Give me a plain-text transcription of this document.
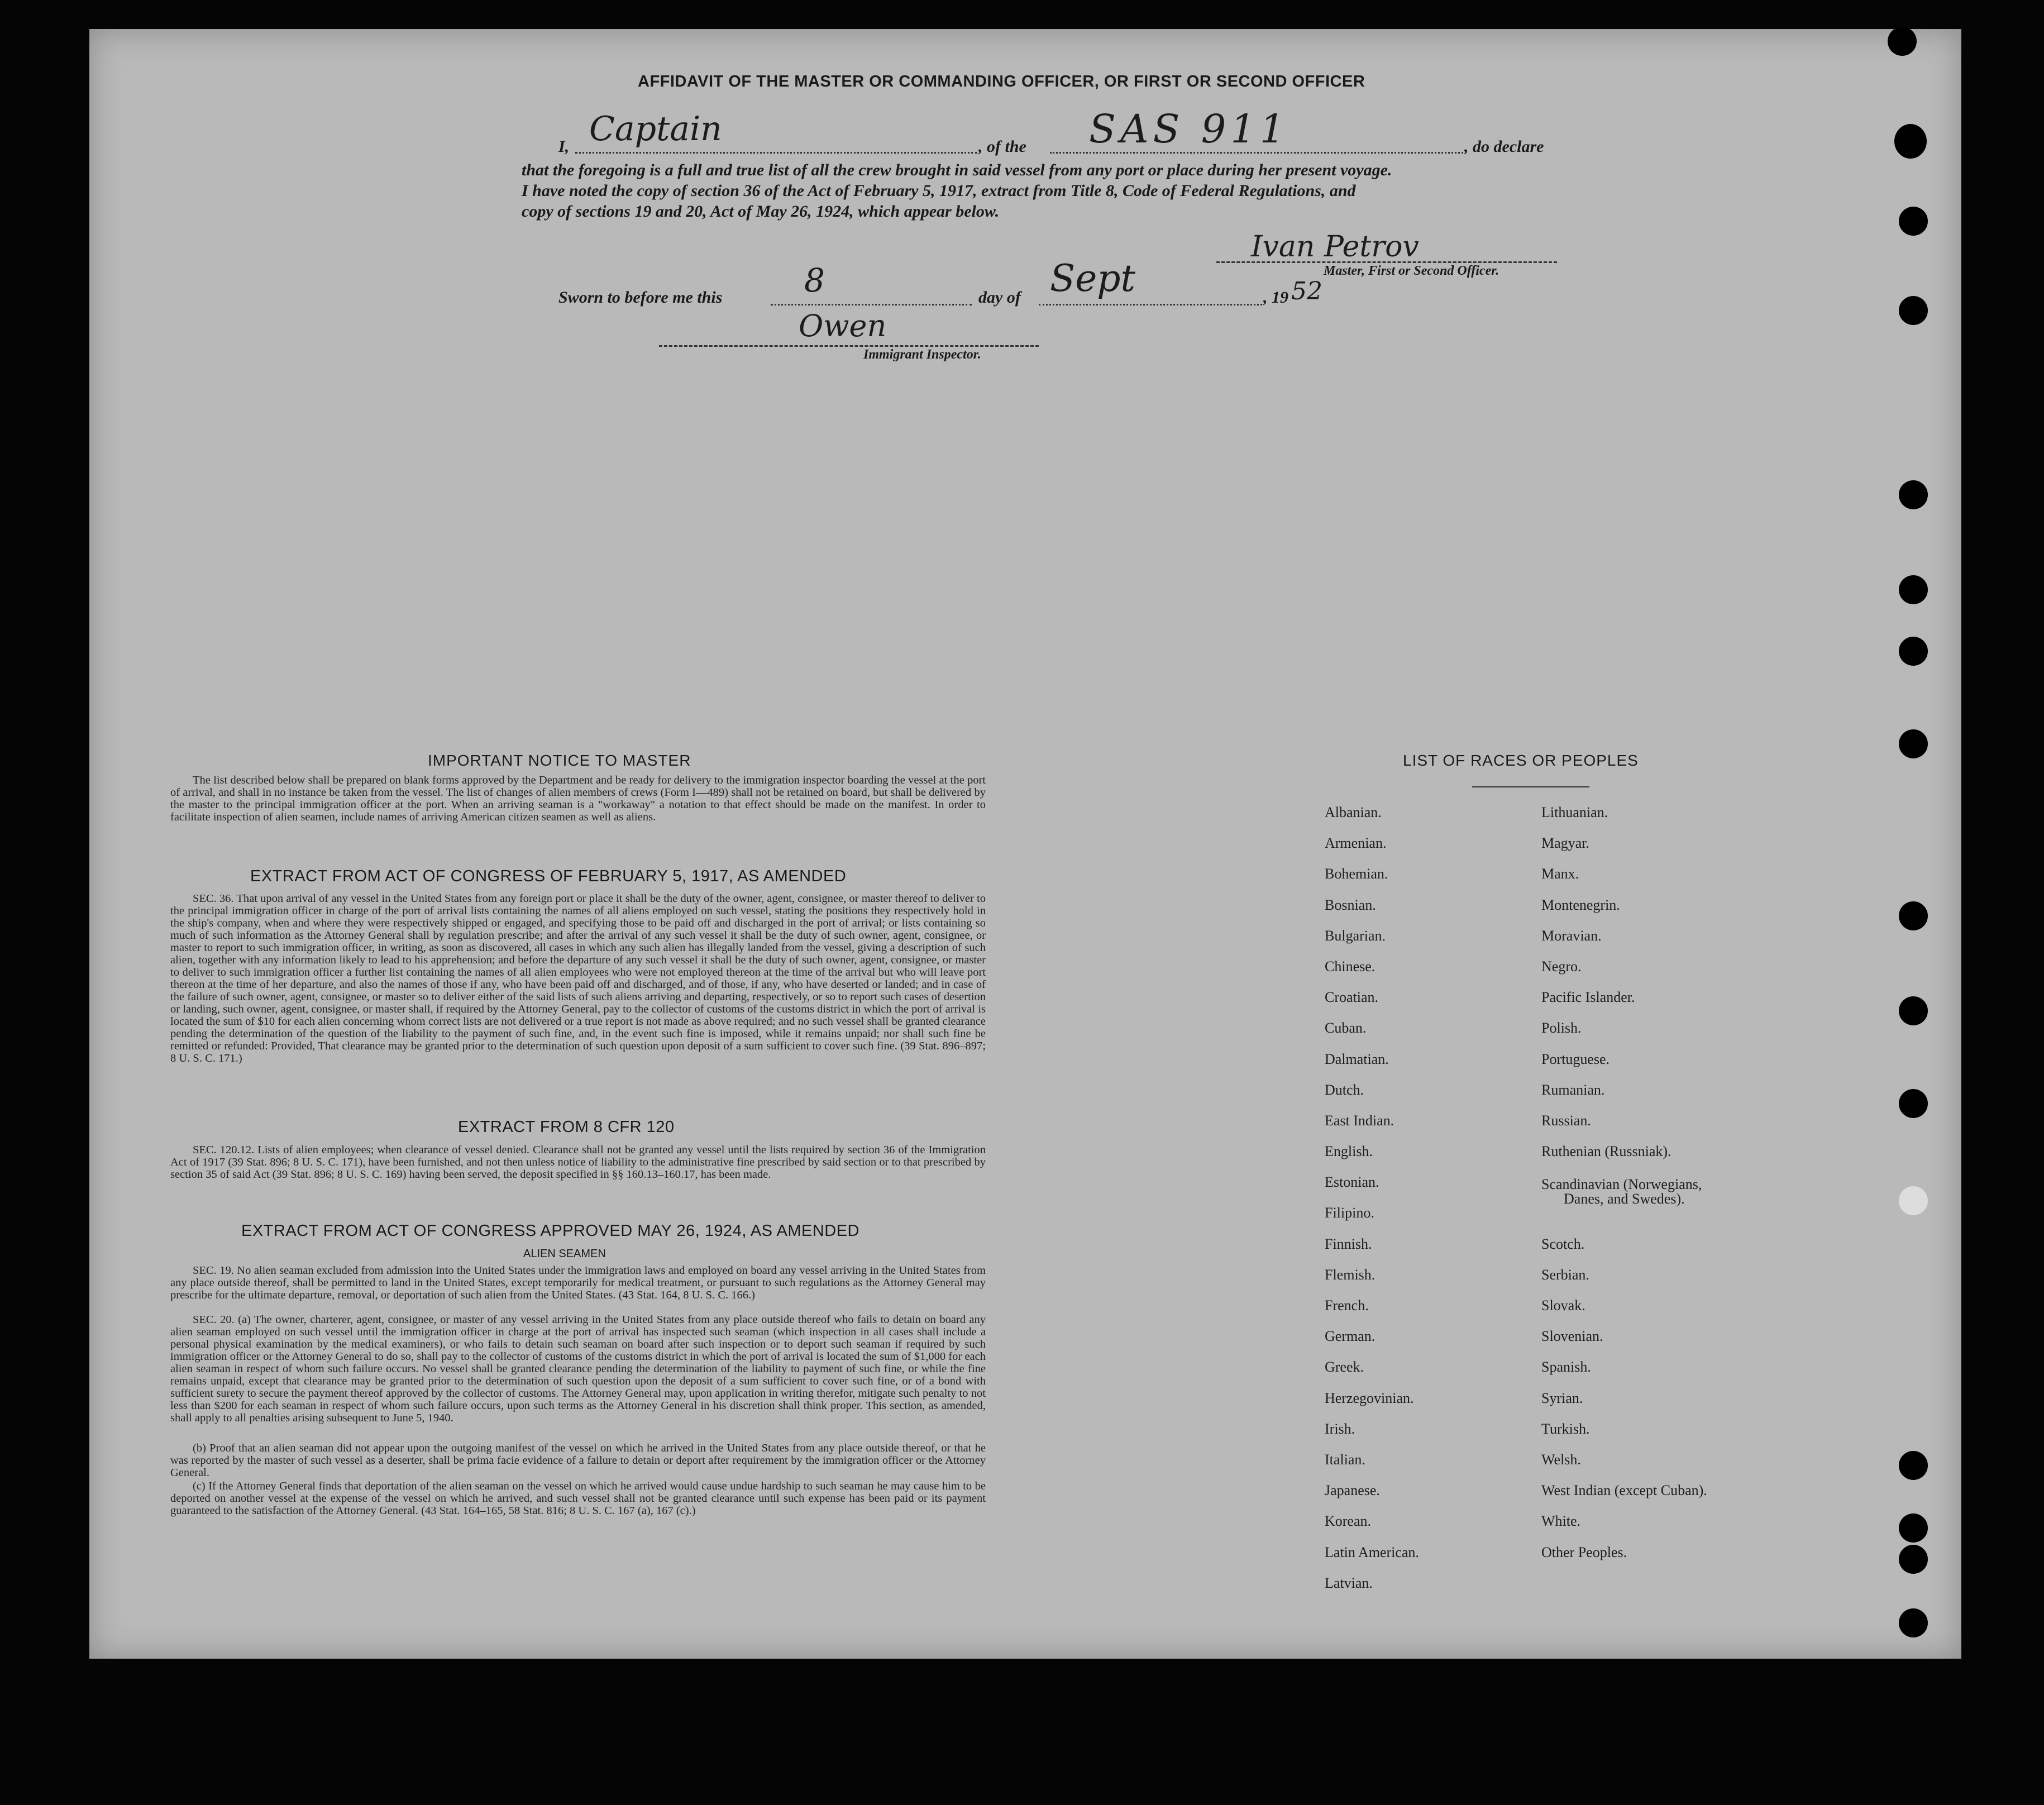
AFFIDAVIT OF THE MASTER OR COMMANDING OFFICER, OR FIRST OR SECOND OFFICER
I, Captain	, of the SAS 911	, do declare
that the foregoing is a full and true list of all the crew brought in said vessel from any port or place during her present voyage.
I have noted the copy of section 36 of the Act of February 5, 1917, extract from Title 8, Code of Federal Regulations, and
copy of sections 19 and 20, Act of May 26, 1924, which appear below.
Ivan Petrov
Master, First or Second Officer.
Sworn to before me this	8	day of Sept	, 19 52
Owen
Immigrant Inspector.
IMPORTANT NOTICE TO MASTER
The list described below shall be prepared on blank forms approved by the Department and be ready for delivery to the immigration inspector boarding the vessel at the port of arrival, and shall in no instance be taken from the vessel. The list of changes of alien members of crews (Form I—489) shall not be retained on board, but shall be delivered by the master to the principal immigration officer at the port. When an arriving seaman is a "workaway" a notation to that effect should be made on the manifest. In order to facilitate inspection of alien seamen, include names of arriving American citizen seamen as well as aliens.
EXTRACT FROM ACT OF CONGRESS OF FEBRUARY 5, 1917, AS AMENDED
SEC. 36. That upon arrival of any vessel in the United States from any foreign port or place it shall be the duty of the owner, agent, consignee, or master thereof to deliver to the principal immigration officer in charge of the port of arrival lists containing the names of all aliens employed on such vessel, stating the positions they respectively hold in the ship's company, when and where they were respectively shipped or engaged, and specifying those to be paid off and discharged in the port of arrival; or lists containing so much of such information as the Attorney General shall by regulation prescribe; and after the arrival of any such vessel it shall be the duty of such owner, agent, consignee, or master to report to such immigration officer, in writing, as soon as discovered, all cases in which any such alien has illegally landed from the vessel, giving a description of such alien, together with any information likely to lead to his apprehension; and before the departure of any such vessel it shall be the duty of such owner, agent, consignee, or master to deliver to such immigration officer a further list containing the names of all alien employees who were not employed thereon at the time of the arrival but who will leave port thereon at the time of her departure, and also the names of those if any, who have been paid off and discharged, and of those, if any, who have deserted or landed; and in case of the failure of such owner, agent, consignee, or master so to deliver either of the said lists of such aliens arriving and departing, respectively, or so to report such cases of desertion or landing, such owner, agent, consignee, or master shall, if required by the Attorney General, pay to the collector of customs of the customs district in which the port of arrival is located the sum of $10 for each alien concerning whom correct lists are not delivered or a true report is not made as above required; and no such vessel shall be granted clearance pending the determination of the question of the liability to the payment of such fine, and, in the event such fine is imposed, while it remains unpaid; nor shall such fine be remitted or refunded: Provided, That clearance may be granted prior to the determination of such question upon deposit of a sum sufficient to cover such fine. (39 Stat. 896–897; 8 U. S. C. 171.)
EXTRACT FROM 8 CFR 120
SEC. 120.12. Lists of alien employees; when clearance of vessel denied. Clearance shall not be granted any vessel until the lists required by section 36 of the Immigration Act of 1917 (39 Stat. 896; 8 U. S. C. 171), have been furnished, and not then unless notice of liability to the administrative fine prescribed by said section or to that prescribed by section 35 of said Act (39 Stat. 896; 8 U. S. C. 169) having been served, the deposit specified in §§ 160.13–160.17, has been made.
EXTRACT FROM ACT OF CONGRESS APPROVED MAY 26, 1924, AS AMENDED
ALIEN SEAMEN
SEC. 19. No alien seaman excluded from admission into the United States under the immigration laws and employed on board any vessel arriving in the United States from any place outside thereof, shall be permitted to land in the United States, except temporarily for medical treatment, or pursuant to such regulations as the Attorney General may prescribe for the ultimate departure, removal, or deportation of such alien from the United States. (43 Stat. 164, 8 U. S. C. 166.)
SEC. 20. (a) The owner, charterer, agent, consignee, or master of any vessel arriving in the United States from any place outside thereof who fails to detain on board any alien seaman employed on such vessel until the immigration officer in charge at the port of arrival has inspected such seaman (which inspection in all cases shall include a personal physical examination by the medical examiners), or who fails to detain such seaman on board after such inspection or to deport such seaman if required by such immigration officer or the Attorney General to do so, shall pay to the collector of customs of the customs district in which the port of arrival is located the sum of $1,000 for each alien seaman in respect of whom such failure occurs. No vessel shall be granted clearance pending the determination of the liability to payment of such fine, or while the fine remains unpaid, except that clearance may be granted prior to the determination of such question upon the deposit of a sum sufficient to cover such fine, or of a bond with sufficient surety to secure the payment thereof approved by the collector of customs. The Attorney General may, upon application in writing therefor, mitigate such penalty to not less than $200 for each seaman in respect of whom such failure occurs, upon such terms as the Attorney General in his discretion shall think proper. This section, as amended, shall apply to all penalties arising subsequent to June 5, 1940.
(b) Proof that an alien seaman did not appear upon the outgoing manifest of the vessel on which he arrived in the United States from any place outside thereof, or that he was reported by the master of such vessel as a deserter, shall be prima facie evidence of a failure to detain or deport after requirement by the immigration officer or the Attorney General.
(c) If the Attorney General finds that deportation of the alien seaman on the vessel on which he arrived would cause undue hardship to such seaman he may cause him to be deported on another vessel at the expense of the vessel on which he arrived, and such vessel shall not be granted clearance until such expense has been paid or its payment guaranteed to the satisfaction of the Attorney General. (43 Stat. 164–165, 58 Stat. 816; 8 U. S. C. 167 (a), 167 (c).)
LIST OF RACES OR PEOPLES
Albanian.
Armenian.
Bohemian.
Bosnian.
Bulgarian.
Chinese.
Croatian.
Cuban.
Dalmatian.
Dutch.
East Indian.
English.
Estonian.
Filipino.
Finnish.
Flemish.
French.
German.
Greek.
Herzegovinian.
Irish.
Italian.
Japanese.
Korean.
Latin American.
Latvian.
Lithuanian.
Magyar.
Manx.
Montenegrin.
Moravian.
Negro.
Pacific Islander.
Polish.
Portuguese.
Rumanian.
Russian.
Ruthenian (Russniak).
Scandinavian (Norwegians,
Danes, and Swedes).
Scotch.
Serbian.
Slovak.
Slovenian.
Spanish.
Syrian.
Turkish.
Welsh.
West Indian (except Cuban).
White.
Other Peoples.
